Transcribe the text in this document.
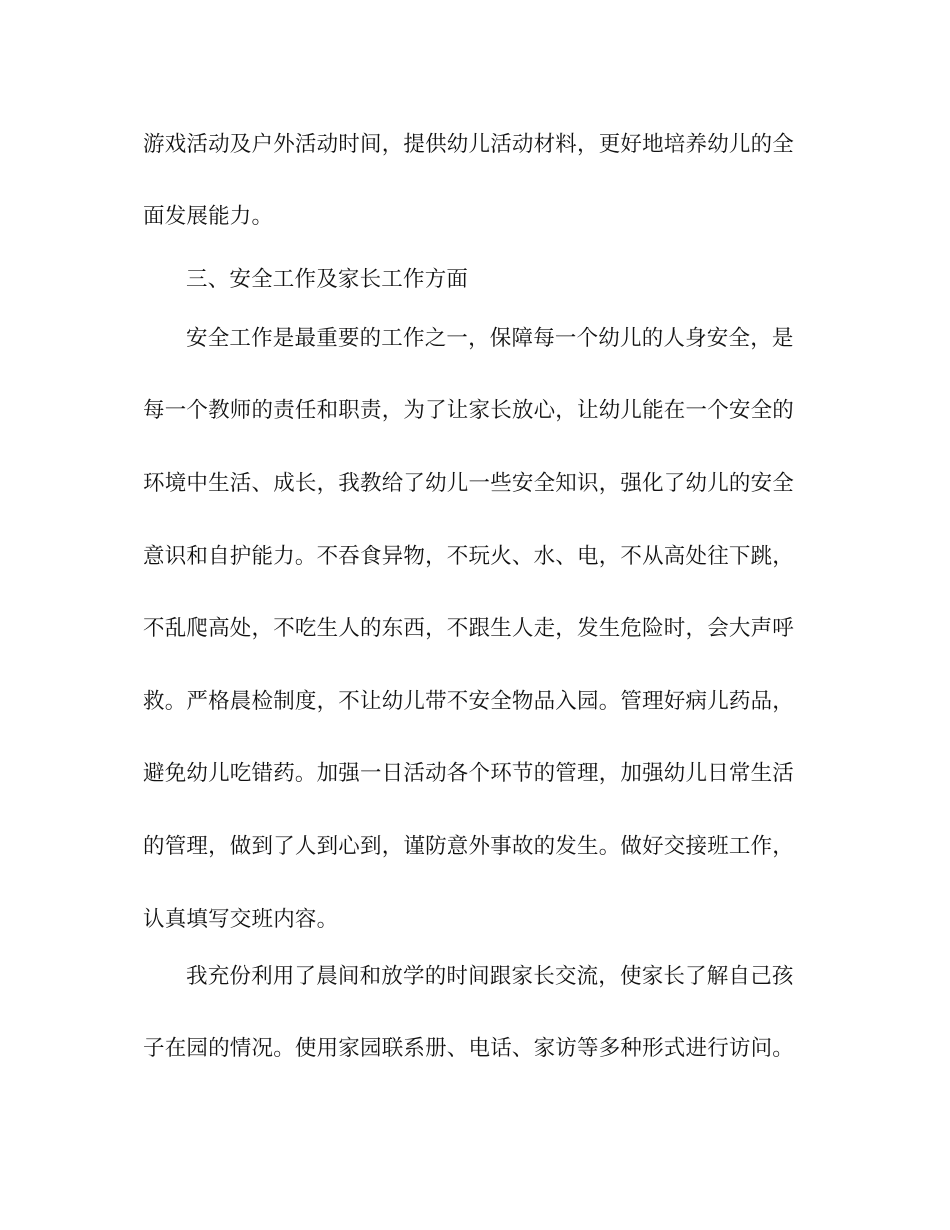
游戏活动及户外活动时间，提供幼儿活动材料，更好地培养幼儿的全
面发展能力。
三、安全工作及家长工作方面
安全工作是最重要的工作之一，保障每一个幼儿的人身安全，是
每一个教师的责任和职责，为了让家长放心，让幼儿能在一个安全的
环境中生活、成长，我教给了幼儿一些安全知识，强化了幼儿的安全
意识和自护能力。不吞食异物，不玩火、水、电，不从高处往下跳，
不乱爬高处，不吃生人的东西，不跟生人走，发生危险时，会大声呼
救。严格晨检制度，不让幼儿带不安全物品入园。管理好病儿药品，
避免幼儿吃错药。加强一日活动各个环节的管理，加强幼儿日常生活
的管理，做到了人到心到，谨防意外事故的发生。做好交接班工作，
认真填写交班内容。
我充份利用了晨间和放学的时间跟家长交流，使家长了解自己孩
子在园的情况。使用家园联系册、电话、家访等多种形式进行访问。
